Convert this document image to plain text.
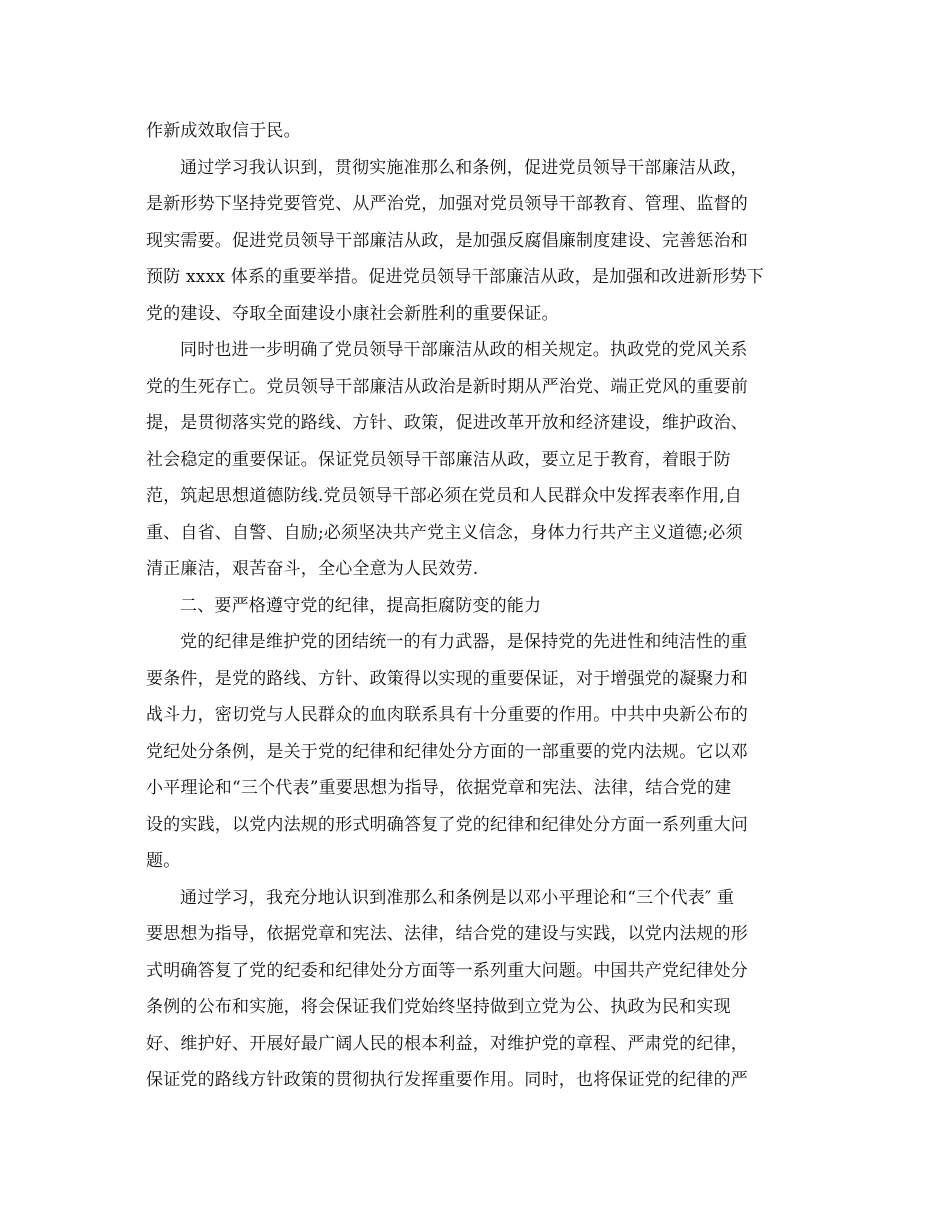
作新成效取信于民。
通过学习我认识到，贯彻实施准那么和条例，促进党员领导干部廉洁从政，
是新形势下坚持党要管党、从严治党，加强对党员领导干部教育、管理、监督的
现实需要。促进党员领导干部廉洁从政，是加强反腐倡廉制度建设、完善惩治和
预防 xxxx 体系的重要举措。促进党员领导干部廉洁从政，是加强和改进新形势下
党的建设、夺取全面建设小康社会新胜利的重要保证。
同时也进一步明确了党员领导干部廉洁从政的相关规定。执政党的党风关系
党的生死存亡。党员领导干部廉洁从政治是新时期从严治党、端正党风的重要前
提，是贯彻落实党的路线、方针、政策，促进改革开放和经济建设，维护政治、
社会稳定的重要保证。保证党员领导干部廉洁从政，要立足于教育，着眼于防
范，筑起思想道德防线.党员领导干部必须在党员和人民群众中发挥表率作用,自
重、自省、自警、自励;必须坚决共产党主义信念，身体力行共产主义道德;必须
清正廉洁，艰苦奋斗，全心全意为人民效劳.
二、要严格遵守党的纪律，提高拒腐防变的能力
党的纪律是维护党的团结统一的有力武器，是保持党的先进性和纯洁性的重
要条件，是党的路线、方针、政策得以实现的重要保证，对于增强党的凝聚力和
战斗力，密切党与人民群众的血肉联系具有十分重要的作用。中共中央新公布的
党纪处分条例，是关于党的纪律和纪律处分方面的一部重要的党内法规。它以邓
小平理论和“三个代表”重要思想为指导，依据党章和宪法、法律，结合党的建
设的实践，以党内法规的形式明确答复了党的纪律和纪律处分方面一系列重大问
题。
通过学习，我充分地认识到准那么和条例是以邓小平理论和“三个代表″ 重
要思想为指导，依据党章和宪法、法律，结合党的建设与实践，以党内法规的形
式明确答复了党的纪委和纪律处分方面等一系列重大问题。中国共产党纪律处分
条例的公布和实施，将会保证我们党始终坚持做到立党为公、执政为民和实现
好、维护好、开展好最广阔人民的根本利益，对维护党的章程、严肃党的纪律，
保证党的路线方针政策的贯彻执行发挥重要作用。同时，也将保证党的纪律的严
